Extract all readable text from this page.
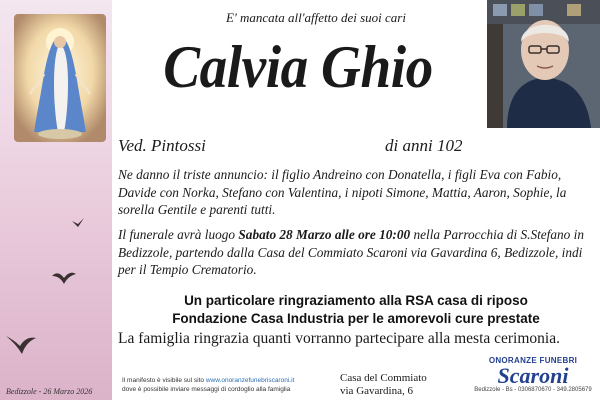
E' mancata all'affetto dei suoi cari
Calvia Ghio
Ved. Pintossi	di anni 102
Ne danno il triste annuncio: il figlio Andreino con Donatella, i figli Eva con Fabio, Davide con Norka, Stefano con Valentina, i nipoti Simone, Mattia, Aaron, Sophie, la sorella Gentile e parenti tutti.
Il funerale avrà luogo Sabato 28 Marzo alle ore 10:00 nella Parrocchia di S.Stefano in Bedizzole, partendo dalla Casa del Commiato Scaroni via Gavardina 6, Bedizzole, indi per il Tempio Crematorio.
Un particolare ringraziamento alla RSA casa di riposo
Fondazione Casa Industria per le amorevoli cure prestate
La famiglia ringrazia quanti vorranno partecipare alla mesta cerimonia.
Bedizzole - 26 Marzo 2026
Il manifesto è visibile sul sito www.onoranzefunebriscaroni.it
dove è possibile inviare messaggi di cordoglio alla famiglia
Casa del Commiato
via Gavardina, 6
ONORANZE FUNEBRI
Scaroni
Bedizzole - Bs - 0306870670 - 349.2805679
